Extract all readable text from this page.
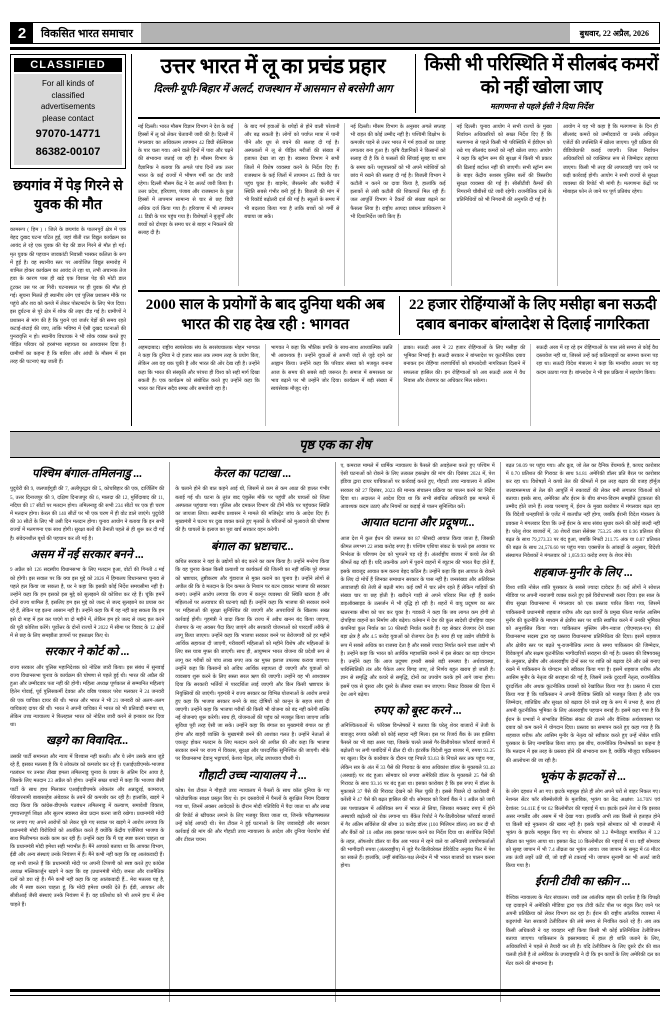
2	विकसित भारत समाचार	बुधवार, 22 अप्रैल, 2026
CLASSIFIED
For all kinds of
classified
advertisements
please contact
97070-14771
86382-00107
छयगांव में पेड़ गिरने से युवक की मौत
कामरूप ( हिम ) । जिले के छयगांव के पालनपुर्वे क्षेत्र में एक बेहद दुखद घटना घटित हुई, जहां बीती रात विद्युत कार्यक्रम का आयंद ले रहे एक युवक की पेड़ की डाल गिरने से मौत हो गई। मृत युवक की पहचान जावकांटी निवासी भास्कर कलिता के रूप में हुई है। वह स्थानीय स्तर पर आयोजित विद्युत समारोह में शामिल होकर कार्यक्रम का आयंद ले रहा था, तभी अचानक तेज हवा के कारण पास ही खड़े एक विशाल पेड़ की मोटी डाल टूटकर उस पर आ गिरी। घटनास्थल पर ही युवक की मौत हो गई। सूचना मिलते ही स्थानीय लोग एवं पुलिस प्रशासन मौके पर पहुंचे और शव को कब्जे में लेकर पोस्टमार्टम के लिए भेज दिया। इस दुर्घटना से पूरे क्षेत्र में शोक की लहर दौड़ गई है। ग्रामीणों ने प्रशासन से मांग की है कि पुराने एवं जर्जर पेड़ों की समय रहते कटाई-छंटाई की जाए, ताकि भविष्य में ऐसी दुखद घटनाओं की पुनरावृत्ति न हो। स्थानीय विधायक ने भी शोक व्यक्त करते हुए पीड़ित परिवार को हरसंभव सहायता का आश्वासन दिया है। ग्रामीणों का कहना है कि बारिश और आंधी के मौसम में इस तरह की घटनाएं बढ़ जाती हैं।
उत्तर भारत में लू का प्रचंड प्रहार
दिल्ली-यूपी-बिहार में अलर्ट, राजस्थान में आसमान से बरसेगी आग
किसी भी परिस्थिति में सीलबंद कमरों को नहीं खोला जाए
मतगणना से पहले ईसी ने दिया निर्देश
नई दिल्ली। भारत मौसम विज्ञान विभाग ने देश के कई हिस्सों में लू को लेकर चेतावनी जारी की है। दिल्ली में मंगलवार का अधिकतम तापमान 42 डिग्री सेल्सियस के पार चला गया। आने वाले दिनों में पारा और चढ़ने की संभावना जताई जा रही है। मौसम विभाग के वैज्ञानिक ने बताया कि अगले पांच दिनों तक उत्तर भारत के कई राज्यों में भीषण गर्मी का दौर जारी रहेगा। दिल्ली मौसम केंद्र ने रेड अलर्ट जारी किया है। उत्तर प्रदेश, हरियाणा, पंजाब और राजस्थान के कुछ हिस्सों में तापमान सामान्य से चार से छह डिग्री अधिक दर्ज किया गया है। हरियाणा में भी तापमान 41 डिग्री के पार पहुंच गया है। विशेषज्ञों ने बुजुर्गों और बच्चों को दोपहर के समय घर से बाहर न निकलने की सलाह दी है।
के बाद गर्म हवाओं के थपेड़ों से होने वाली परेशानी और बढ़ सकती है। लोगों को पर्याप्त मात्रा में पानी पीने और धूप से बचने की सलाह दी गई है। अस्पतालों में लू से पीड़ित मरीजों की संख्या में इजाफा देखा जा रहा है। स्वास्थ्य विभाग ने सभी जिलों में विशेष व्यवस्था करने के निर्देश दिए हैं। राजस्थान के कई जिलों में तापमान 45 डिग्री के पार पहुंच चुका है। बाड़मेर, जैसलमेर और फलौदी में स्थिति सबसे गंभीर बनी हुई है। बिजली की मांग में भी रिकॉर्ड बढ़ोतरी दर्ज की गई है। स्कूलों के समय में भी बदलाव किया गया है ताकि बच्चों को गर्मी से बचाया जा सके।
नई दिल्ली। मौसम विभाग के अनुसार अगले सप्ताह भी राहत की कोई उम्मीद नहीं है। पश्चिमी विक्षोभ के कमजोर पड़ने से उत्तर भारत में गर्म हवाओं का प्रवाह लगातार बना हुआ है। कृषि वैज्ञानिकों ने किसानों को सलाह दी है कि वे फसलों की सिंचाई सुबह या शाम के समय करें। पशुपालकों को भी अपने मवेशियों को छांव में रखने की सलाह दी गई है। बिजली विभाग ने कटौती न करने का दावा किया है, हालांकि कई इलाकों से लंबी कटौती की शिकायतें मिल रही हैं। जल आपूर्ति विभाग ने टैंकरों की संख्या बढ़ाने का फैसला लिया है। राष्ट्रीय आपदा प्रबंधन प्राधिकरण ने भी दिशानिर्देश जारी किए हैं।
नई दिल्ली। चुनाव आयोग ने सभी राज्यों के मुख्य निर्वाचन अधिकारियों को सख्त निर्देश दिए हैं कि मतगणना से पहले किसी भी परिस्थिति में ईवीएम को रखे गए सीलबंद कमरों को नहीं खोला जाए। आयोग ने कहा कि स्ट्रॉन्ग रूम की सुरक्षा में किसी भी प्रकार की ढिलाई बर्दाश्त नहीं की जाएगी। सभी स्ट्रॉन्ग रूम के बाहर केंद्रीय सशस्त्र पुलिस बलों की त्रिस्तरीय सुरक्षा व्यवस्था की गई है। सीसीटीवी कैमरों की निगरानी चौबीसों घंटे जारी रहेगी। राजनीतिक दलों के प्रतिनिधियों को भी निगरानी की अनुमति दी गई है।
आयोग ने यह भी कहा है कि मतगणना के दिन ही सीलबंद कमरों को उम्मीदवारों या उनके अधिकृत एजेंटों की उपस्थिति में खोला जाएगा। पूरी प्रक्रिया की वीडियोग्राफी कराई जाएगी। जिला निर्वाचन अधिकारियों को व्यक्तिगत रूप से जिम्मेदार ठहराया जाएगा। किसी भी तरह की लापरवाही पाए जाने पर कड़ी कार्रवाई होगी। आयोग ने सभी राज्यों से सुरक्षा व्यवस्था की रिपोर्ट भी मांगी है। मतगणना केंद्रों पर मोबाइल फोन ले जाने पर पूर्ण प्रतिबंध रहेगा।
2000 साल के प्रयोगों के बाद दुनिया थकी अब भारत की राह देख रही : भागवत
22 हजार रोहिंग्याओं के लिए मसीहा बना सऊदी दबाव बनाकर बांग्लादेश से दिलाई नागरिकता
अहमदाबाद। राष्ट्रीय स्वयंसेवक संघ के सरसंघचालक मोहन भागवत ने कहा कि दुनिया ने दो हजार साल तक तमाम तरह के प्रयोग किए, लेकिन अब वह थक चुकी है और भारत की ओर देख रही है। उन्होंने कहा कि भारत की संस्कृति और परंपरा ही विश्व को सही मार्ग दिखा सकती है। एक कार्यक्रम को संबोधित करते हुए उन्होंने कहा कि भारत का चिंतन सदैव समग्र और समावेशी रहा है।
भागवत ने कहा कि भौतिक प्रगति के साथ-साथ आध्यात्मिक उन्नति भी आवश्यक है। उन्होंने युवाओं से अपनी जड़ों से जुड़े रहने का आह्वान किया। उन्होंने कहा कि परिवार संस्था को मजबूत बनाना आज के समय की सबसे बड़ी जरूरत है। समाज में समरसता का भाव बढ़ाने पर भी उन्होंने जोर दिया। कार्यक्रम में बड़ी संख्या में स्वयंसेवक मौजूद रहे।
ढाका। सऊदी अरब ने 22 हजार रोहिंग्याओं के लिए मसीहा की भूमिका निभाई है। सऊदी सरकार ने बांग्लादेश पर कूटनीतिक दबाव बनाकर इन रोहिंग्या शरणार्थियों को बांग्लादेशी नागरिकता दिलाने में सफलता हासिल की। इन रोहिंग्याओं को अब सऊदी अरब में वैध निवास और रोजगार का अधिकार मिल सकेगा।
सऊदी अरब में रह रहे इन रोहिंग्याओं के पास लंबे समय से कोई वैध दस्तावेज नहीं था, जिससे उन्हें कई कठिनाइयों का सामना करना पड़ रहा था। सऊदी विदेश मंत्रालय ने कहा कि मानवीय आधार पर यह कदम उठाया गया है। बांग्लादेश ने भी इस प्रक्रिया में सहयोग किया।
पृष्ठ एक का शेष
पश्चिम बंगाल-तमिलनाडु ...
पुदुचेरी की 9, जलपाईगुड़ी की 7, अलीपुरद्वार की 5, कोचबिहार की एक, दार्जिलिंग की 5, उत्तर दिनाजपुर की 9, दक्षिण दिनाजपुर की 6, मालदा की 12, मुर्शिदाबाद की 11, नदिया की 17 सीटों पर मतदान होगा। तमिलनाडु की सभी 234 सीटों पर एक ही चरण में मतदान होगा। केरल की 140 सीटों पर भी एक चरण में ही वोट डाले जाएंगे। पुदुचेरी की 30 सीटों के लिए भी उसी दिन मतदान होगा। चुनाव आयोग ने बताया कि इन सभी राज्यों में मतगणना एक साथ होगी। सुरक्षा बलों की तैनाती पहले से ही शुरू कर दी गई है। संवेदनशील बूथों की पहचान कर ली गई है।
असम में नई सरकार बनने ...
9 अप्रैल को 126 सदस्यीय विधानसभा के लिए मतदान हुआ, वोटों की गिनती 4 मई को होगी। इस सवाल पर कि क्या इस मुद्दे को 2026 में हिमालय विधानसभा चुनाव से पहले हल किया जा सकता है, घर ने कहा कि इसकी कोई निर्देश समयसीमा नहीं है। उन्होंने कहा कि हम इसको इस मुद्दे को सुलझाने की कोशिश कर रहे हैं। चूंकि हमनें दोनों राज्य शामिल हैं, इसलिए हम इस मुद्दे को जल्द से जल्द सुलझाने का प्रयास कर रहे हैं, लेकिन यह इतना आसान नहीं है। उन्होंने कहा कि मैं यह नहीं कह सकता कि हम इसे दो माह में हल कर पाएंगे या दो महीने में, लेकिन हम हरे जल्द से जल्द हल करने की पूरी कोशिश करेंगे। पूर्वोत्तर के दोनों राज्यों ने 2022 में सीमा पर विवाद के 12 क्षेत्रों में से छह के लिए समझौता ज्ञापनों पर हस्ताक्षर किए थे।
सरकार ने कोर्ट को ...
राज्य सरकार और पुलिस महानिदेशक को नोटिस जारी किया। इस संबंध में सुनवाई राज्य विधानसभा चुनाव के कार्यक्रम की घोषणा से पहले हुई थी। भारत की अप्रैल की हुआ और उम्मीदवार पता नहीं की होगी। महिला अध्यक्ष पूर्णकाल से सम्मानित महिलाएं हितेन गोवाई, पूर्व पुलिसकर्मी देवका और वरिष्ठ पत्रकार परेश मलकार ने 24 जनवरी की एक याचिका दायर की थी। भारत और भारत ने भी 21 जनवरी को अलग-अलग याचिकाएं दायर की थीं। भारत ने अपनी याचिका में भारत को भी प्रतिवादी बनाया था, लेकिन उच्च न्यायालय ने फिलहाल भारत को नोटिस जारी करने से इनकार कर दिया था।
खड़गे का विवादित...
उसकी पार्टी समानता और न्याय में विश्वास नहीं करती। और ये लोग उसके साथ जुड़े रहे हैं, इसका मतलब है कि ये लोकतंत्र को कमजोर कर रहे हैं। एआईएडीएमके-भाजपा गठबंधन पर उनका तीखा हमला तमिलनाडु चुनाव के प्रचार के अंतिम दिन आया है, जिसके लिए मतदान 23 अप्रैल को होगा। उन्होंने सख्त शब्दों में कहा कि भाजपा जैसी पार्टी के साथ हाथ मिलाकर एआईएडीएमके लोकतंत्र और अन्नादुरई, कामराज, पेरियारनामी बाबासाहेब अंबेडकर के तबने की कमजोर कर रही है। हालांकि, खड़गे ने वादा किया कि कांग्रेस-डीएमके गठबंधन तमिलनाडु में कल्याण, समावेशी विकास, गुणवत्तापूर्ण शिक्षा और सुलभ स्वास्थ्य सेवा प्रदान करना जारी रखेगा। प्रधानमंत्री मोदी पर लगाए गए अपने आरोपों को लेकर पूछे गए सवाल पर खड़गे ने आरोप लगाया कि प्रधानमंत्री मोदी विरोधियों को आतंकित करते हैं क्योंकि केंद्रीय एजेंसियां भाजपा के साथ मिलीभगत करके काम कर रही हैं। उन्होंने कहा कि मैं यह स्पष्ट करना चाहता था कि प्रधानमंत्री मोदी हमेशा सही भयभीत हैं। मैंने आपको बताया था कि आपका विभाग, ईडी और अन्य संस्थाएं उनके नियंत्रण में हैं। मैंने कभी नहीं कहा कि वह आतंकवादी हैं। वह सभी जानते हैं कि प्रधानमंत्री मोदी पर अपनी टिप्पणी को स्पष्ट करते हुए कांग्रेस अध्यक्ष मल्लिकार्जुन खड़गे ने कहा कि वह (प्रधानमंत्री मोदी) जनता और राजनैतिक दलों को डरा रहे हैं। मैंने कभी नहीं कहा कि वह आतंकवादी हैं... मेरा मतलब यह है, और मैं स्पष्ट करना चाहता हूं, कि मोदी हमेशा धमकी देते हैं। ईडी, आयकर और सीबीआई जैसी संस्थाएं उनके नियंत्रण में हैं। वह प्रतिशोध को भी अपने हाथ में लेना चाहते हैं।
केरल का पटाखा ...
के चलाने होने की बात कहने आई थी, जिसमें से कम से कम आठा की हालत गंभीर बताई गई थी। घटना के तुरंत बाद एंबुलेंस मौके पर पहुंचीं और घायलों को जिला अस्पताल पहुंचाया गया। पुलिस और दमकल विभाग की टीमें मौके पर पहुंचकर स्थिति का जायजा लिया। स्थानीय प्रशासन ने मामले की मजिस्ट्रेट जांच के आदेश दिए हैं। मुख्यमंत्री ने घटना पर दुख व्यक्त करते हुए मृतकों के परिजनों को मुआवजे की घोषणा की है। घायलों के इलाज का पूरा खर्च सरकार वहन करेगी।
बंगाल का भ्रष्टाचार...
कथित सरकार ने यहां के उद्योगों को बंद करने का काम किया है। उन्होंने मनरेगा किया कि यह चुनाव केवल किसी प्रत्याशी या कार्यकर्ता की जितनी का नहीं बल्कि पूरे बंगाल को भ्रष्टाचार, तुष्टीकरण और गुंडाराज से मुक्त कराने का चुनाव है। उन्होंने लोगों से अपील की कि वे मतदान के दिन कमल के निशान पर बटन दबाकर भाजपा की सरकार बनाएं। उन्होंने आरोप लगाया कि राज्य में कानून व्यवस्था की स्थिति खराब है और महिलाओं पर अत्याचार की घटनाएं बढ़ी हैं। उन्होंने कहा कि भाजपा की सरकार बनने पर महिलाओं की सुरक्षा सुनिश्चित की जाएगी और अपराधियों के खिलाफ सख्त कार्रवाई होगी। गृहमंत्री ने वादा किया कि राज्य में अवैध खनन बंद किया जाएगा, रोजगार के नए अवसर पैदा किए जाएंगे और सरकारी योजनाओं को पारदर्शी तरीके से लागू किया जाएगा। उन्होंने कहा कि भाजपा सरकार बनने पर बेरोजगारी को हर महीने आर्थिक सहायता दी जाएगी, गरीबवर्गी महिलाओं को महीने विशेष और महिलाओं के लिए बस यात्रा मुफ्त की जाएगी। साथ ही, आयुष्मान भारत योजना की प्रदेशी रूप से लागू कर गरीबों को पांच लाख रुपए तक का मुफ्त इलाज उपलब्ध कराया जाएगा। उन्होंने कहा कि किसानों को अविध आर्थिक सहायता दी जाएगी और युवाओं को व्यवसाय शुरू करने के लिए सस्ता सरल ऋण की जाएगी। उन्होंने यह भी आश्वासन दिया कि सरकारी भर्तियों में पारदर्शिता लाई जाएगी और किन किसी भ्रष्टाचार के नियुक्तियों की जाएंगी। गृहमंत्री ने राज्य सरकार का विभिन्न योजनाओं के आरोप लगाते हुए कहा कि भाजपा सरकार बनने के बाद दोषियों को कानून के सहज सजा दी जाएगी। उन्होंने कहा कि भाजपा गरीबों की किसी भी योजना को बंद नहीं करेगी बल्कि नई योजनाएं शुरू करेगी। साथ ही, योजनाओं की पहुंच को मजबूत किया जाएगा ताकि सुविधा पूरी तरह ऐसी जा सके। उन्होंने कहा कि बंगाल का मुख्यमंत्री बंगाल का ही होगा और बाहरी व्यक्ति के मुख्यमंत्री बनने की आशंका गलत है। उन्होंने नेताओं से एकजुट होकर मतदान के लिए मतदान करने की अपील की और कहा कि भाजपा सरकार बनने पर राज्य में विकास, सुरक्षा और पारदर्शिक सुनिश्चित की जाएगी। मौके पर विधानसभा देवानु भट्टाचार्य, केशव पेंड्रल, उपेंद्र उपाध्याय चौधरी थे।
गौहाटी उच्च न्यायालय ने ...
कोष्ठ। पेश टीवल ने गौहाटी उच्च न्यायालय में पैनलों के साथ कॉल दुनिया के गए फोटोग्राफिक साक्ष्य प्रस्तुत किए थे। इन दस्तावेजों में पैनलों के सुरक्षित नियम दिखाया गया था, जिनमें अक्सर आवेदकों के दौरान मोदी गतिविधि में पैदा जाता था और लाख की रिपोर्ट से खींचकर लगाने के लिए मजबूर किया जाता था, जिनके परीक्षणस्थलत उन्हें कोई आपदी थी। पेश टीवल ने हुई घटनाओं के लिए जवाबदेही और सरकार कार्रवाई की मांग की और गौहाटी उच्च न्यायालय के आदेश और दुनिया पेरायोग बोर्ड और टीवल चयन।
ए, कमराज मामले में धार्मिक न्यायालय के फैसले की अवहेलना करते हुए पश्चिम में ऐसी घटनाओं को रोकने के लिए तत्काल हस्तक्षेप की मांग की। दिसंबर 2024 में, पेश इंडिया द्वारा दायर याचिकाओं पर कार्रवाई करते हुए, गौहाटी उच्च न्यायालय ने अंतिम सरकार को 27 दिसंबर, 2023 की मानक संचालन प्रक्रिया का पालन करने का निर्देश दिया था। अदालत ने आदेश दिया था कि सभी संबंधित अधिकारी इस मामले में आवश्यक कदम उठाएं और नियमों का कड़ाई से पालन सुनिश्चित करें।
आयात घटाना और प्रदूषण...
आज देश में कुल ईंधन की जरूरत का 87 फीसदी आयात किया जाता है, जिसकी कीमत लगभग 22 लाख करोड़ रुपए है। पश्चिम एशिया संकट के चलते इस आयात पर निर्भरता के परिणाम देश को भुगतने पड़ रहे हैं। अंतर्राष्ट्रीय बाजार में कच्चे तेल की कीमतें बढ़ रही हैं। यदि तकनीक आगे में पुराने वाहनों में ब्यूटान की भारत पैदा होते हैं, इसके बावजूद आयात कम करना बेहद कठिन है। उन्होंने कहा कि इस आयात के रोकने के लिए दो मोर्चे हैं जिनका समाधान सरकार के पास नहीं है। जनसंख्या और अतिरिक्त आवाजाही की तेजी से बढ़ती मांग। कई वर्षों में चार लोग रहते हैं लेकिन गाड़ियों की संख्या चार या छह होती है। खरीदने गाड़ी से अपने परिवार मिल रही हैं कार्बन डाइऑक्साइड के उत्सर्जन में भी वृद्धि हो रही है। शहरों में वायु प्रदूषण का स्तर खतरनाक सीमा को पार कर चुका है। गडकरी ने कहा कि जब लागत कम होगी तो दोपहिया वाहनों का निर्माण और बढ़ेगा। वर्तमान में देश की कुल स्वदेशी दोपहिया वाहन कंपनियां कुल निर्यात का 50 फीसदी निर्यात करती हैं। यह सेक्टर रोजगार देने वाला बड़ा क्षेत्र है और 4.5 करोड़ युवाओं को रोजगार देता है। साथ ही यह उद्योग जीडीपी के रूप में सबसे अधिक का राजस्व देता है और सबसे ज्यादा निर्यात करने वाला उद्योग भी है। उन्होंने कहा कि भारत को आर्थिक महाशक्ति बनाने में इस सेक्टर का बड़ा योगदान है। उन्होंने कहा कि आज प्रदूषण हमारी सबसे बड़ी समस्या है। अर्थव्यवस्था, पारिस्थितिकी तंत्र और पैकेज अगर बिगड़ जाए, तो निर्णय बहुत खराब हो जाती है। ज्ञान से समृद्धि और कचरे से समृद्धि, दोनों का उपयोग करके हमें आगे जाना होगा। इसमें एक से दूसरा और दूसरे के तीसरा रास्ता बन जाएगा। निकट विकास की दिशा में देश आगे बढ़ेगा।
रुपए को बूस्ट करने ...
अनिश्चितताओं में। फॉरेक्स विश्लेषकों ने बताया कि घरेलू शेयर बाजारों में तेजी के बावजूद रुपया करेंसी को कोई सहारा नहीं मिला। इस पर रिजर्व बैंक के उस हालिया फैसले का भी बड़ा असर पड़ा, जिसके चलते उससे गैर-डिलीवरेबल फॉरवर्ड बाजारों में बढ़ोतरी पर लगी पाबंदियों में ढील दी थी। इंटरबैंक विदेशी मुद्रा बाजार में, रुपया 93.25 पर खुला। दिन के कारोबार के दौरान यह निचले 93.63 के निचले स्तर तक पहुंच गया, लेकिन सत्र के अंत में 33 पैसे की गिरावट के साथ अधिकांश डॉलर के मुकाबले 93.48 (अस्थाई) पर बंद हुआ। सोमवार को रुपया अमेरिकी डॉलर के मुकाबले 25 पैसे की गिरावट के साथ 93.16 पर बंद हुआ था। इसका कारोबार है कि इस रुपए में डॉलर के मुकाबले 37 पैसे की गिरावट देखने को मिल चुकी है। इससे पिछले दो कारोबारी में करेंसी ने 47 पैसे की बढ़त हासिल की थी। सोमवार को रिजर्व बैंक ने 1 अप्रैल को जारी उस पश्चातक्रम में अतिरिक्त रूप में भारत ले लिया, जिसका मकसद रुपए में होने अस्थायी बढ़ोतरी को रोक लगाना था। बैंकेत रिपोर्ट ने गैर-डिलीवरेबल फॉरवर्ड बाजारों में गैर अंतिम सर्विसेज की सीमा 10 करोड़ डॉलर (100 मिलियन डॉलर) तय कर दी थी और बैंकों को 10 अप्रैल तक इसका पालन करने का निर्देश दिया था। संशोधित निर्देशों के तहत, ऑफशोर डॉलर या बैंक अब भारत में रहने वाले या अनिवासी उपयोगकर्ताओं की भागीदारी रुपया (अंतरराष्ट्रीय) में जुड़े गैर-डिलीवरेबल डेरिवेटिव अनुबंध फिर में पेश का सकते हैं। हालांकि, उन्हीं संबंधित-पक्ष लेनदेन में भी भारत बाजारों का पालन करना होगा।
बढ़त 98.09 पर पहुंच गया। और क्रूड, जो तेल का दैनिक वेंचमार्क है, कायद कारोबार में 0.70 प्रतिशत की गिरावट के साथ 94.81 अमेरिकी डॉलर प्रति बैरल पर कारोबार कर रहा था। विशेषज्ञों ने कच्चे तेल की कीमतों में इस तरह बढ़ाव की वजह हॉर्मूज जलडमरूमध्य से तेल की आपूर्ति में रुकावटों की लेकर बनी लगातार चिंताओं को बताया। इसके साथ, अमेरिका और ईरान के बीच संभव-विराम समझौते टूटकरता की उम्मीद होते जाने हैं। लाख परमाणु में, ईरान के मुख्य कारोबार में मंगलवार बढ़त रहा कि विदेशी धनहारियों के एजेंट में बातचीत नहीं होगा, जबकि ईरानी विदेश मंत्रालय के प्रवक्ता ने मंगलवार दिया कि उन्हें ईरान के साथ संबंध सुधार करने की कोई जल्दी नहीं है। घरेलू शेयर बाजारों में, 30 शेयरों वाला सेंसेक्स 753.25 अंक या 0.96 प्रतिशत की बढ़त के साथ 79,273.33 पर बंद हुआ, जबकि निफ्टी 211.75 अंक या 0.87 प्रतिशत की बढ़त के साथ 24,576.60 पर पहुंच गया। एक्सचेंज के आंकड़ों के अनुसार, विदेशी संस्थागत निवेशकों ने मंगलवार को 1,059.93 करोड़ रुपए के शेयर बेचे।
शहबाज-मुनीर के लिए ...
विश्व शांति नोबेल शांति पुरस्कार के सबसे ज्यादा दावेदार हैं। कई लोगों ने सोशल मीडिया पर अपनी नाराजगी व्यक्त करते हुए इसे विरोधाभासी करार दिया। इस साल के बीच सुरक्षा विधानसभा में मंगलवार को एक प्रस्ताव पारित किया गया, जिसमें पाकिस्तानी प्रधानमंत्री शहबाज शरीफ और रक्षा कार्यों के प्रमुख फील्ड मार्शल आसिम मुनीर की कूटनीति के माध्यम से क्षेत्रीय स्तर पर शांति स्थापित करने में उनकी भूमिका को अनुशंसित किया गया। पाकिस्तान मुस्लिम लीग-नवाज (पीएमएल-एन) की विधानसभा सदस्य द्वारा यह प्रस्ताव विधानसभा प्रतिनिधित्व की दिया। इसमें शहबाज और क्षेत्रीय स्तर पर बढ़ते भू-राजनीतिक तनाव के समय पाकिस्तान की जिम्मेदार, विवेकपूर्ण और सक्षम कूटनीतिक भागीदारियों सराहना की गई है। प्रस्ताव की विषयवस्तु के अनुसार, क्षेत्रीय और अंतरराष्ट्रीय दोनों स्तर पर शांति को बढ़ावा देने और उसे बनाए रखने में पाकिस्तान के योगदान को स्वीकार किया गया है। इसमें शहबाज शरीफ और आसिम मुनीर के नेतृत्व की सराहना की गई है, जिसमें उनके दूरदर्शी नेतृत्व, राजनीतिक दूरदर्शिता और अथक कूटनीतिक प्रयासों को रेखांकित किया गया है। प्रस्ताव में दावा किया गया है कि पाकिस्तान ने अपनी वैश्विक स्थिति को मजबूत किया है और एक जिम्मेदार, शांतिप्रिय और सुरक्षा को बढ़ावा देने वाले राष्ट्र के रूप में उभरा है, साथ ही अपनी कूटनीतिक भूमिका के लिए अंतरराष्ट्रीय पहचान बनाई है। इसमें कहा गया है कि ईरान के प्रभावों ने संभावित वैश्विक संकट की टालने और वैश्विक अर्थव्यवस्था पर दबाव को कम करने में योगदान दिया। प्रस्ताव का समापन करते हुए कहा गया है कि शहबाज शरीफ और आसिम मुनीर के नेतृत्व को स्वीकार करते हुए उन्हें नोबेल शांति पुरस्कार के लिए नामांकित किया जाए। इस बीच, राजनीतिक विश्लेषकों का कहना है कि मतदान में इस तरह के प्रस्ताव होने की संभावना कम है, क्योंकि मौजूदा पाकिस्तान की आलोचना की जा रही है।
भूकंप के झटकों से ...
के लोग दहशत में आ गए। झटके महसूस होते ही लोग अपने घरों से बाहर निकल गए। नेशनल सेंटर फॉर सीस्मोलॉजी के मुताबिक, भूकंप का केंद्र अक्षांश: 34.70N एवं देशांतर: 94.41E ई पर 62 किलोमीटर की गहराई में था। झटके इतने तेज थे कि इसका असर नगालैंड और असम में भी देखा गया। हालांकि अभी तक किसी से हताहत होने या किसी बड़े नुकसान की खबर नहीं है। इसके पहले सोमवार को भी राजधानी में भूकंप के झटके महसूस किए गए थे। सोमवार को 3.2 मैग्नीट्यूड मापांकित में 3.2 तीव्रता का भूकंप आया था। इसका केंद्र 10 किलोमीटर की गहराई में था। वहीं सोमवार को सुबह जापान में भी 7.4 तीव्रता का भूकंप आया। जब जापान के समुद्र में 60 मीटर तक ऊंची लहरें उठी थीं, जो वहीं से टकराई भी। जापान सुनामी का भी अलर्ट जारी किया गया है।
ईरानी टीवी का स्क्रीन ...
वैश्विक न्यायालय के मेंटर संचालन। जारी उस आंतरिक बहस की दर्शाता है कि विपक्षी यह दावाहने में अमेरिकी मीडिया द्वारा एक टीवी कंटेंट पीस पर बंदूक किए जाने पर अपनी प्रतिक्रिया को लेकर विभाग कर रहा है। ईरान की राष्ट्रीय आंतरिक व्यवस्था में कट्टरपंथी नेता सरकारी टेलीविजन की लंबे समय से नियंत्रित करते रहे हैं। अब तक किसी अधिकारी ने यह व्यवहार नहीं किया किसी भी कोई प्रतिनिधित्व टेलीविजन बताया जाएगा। पाकिस्तान के इस्लामाबाद में हाल ही शांति जताने के लिए, अधिकारियों ने पहले से तैयारी कर ली है। यदि टेलीविजन के लिए दूसरे दौर की बात चलती होती है तो अमेरिका के उपराष्ट्रपति ने दी कि इन कार्यों के लिए अमेरिकी दल का मेंटर करने की संभावना है।
